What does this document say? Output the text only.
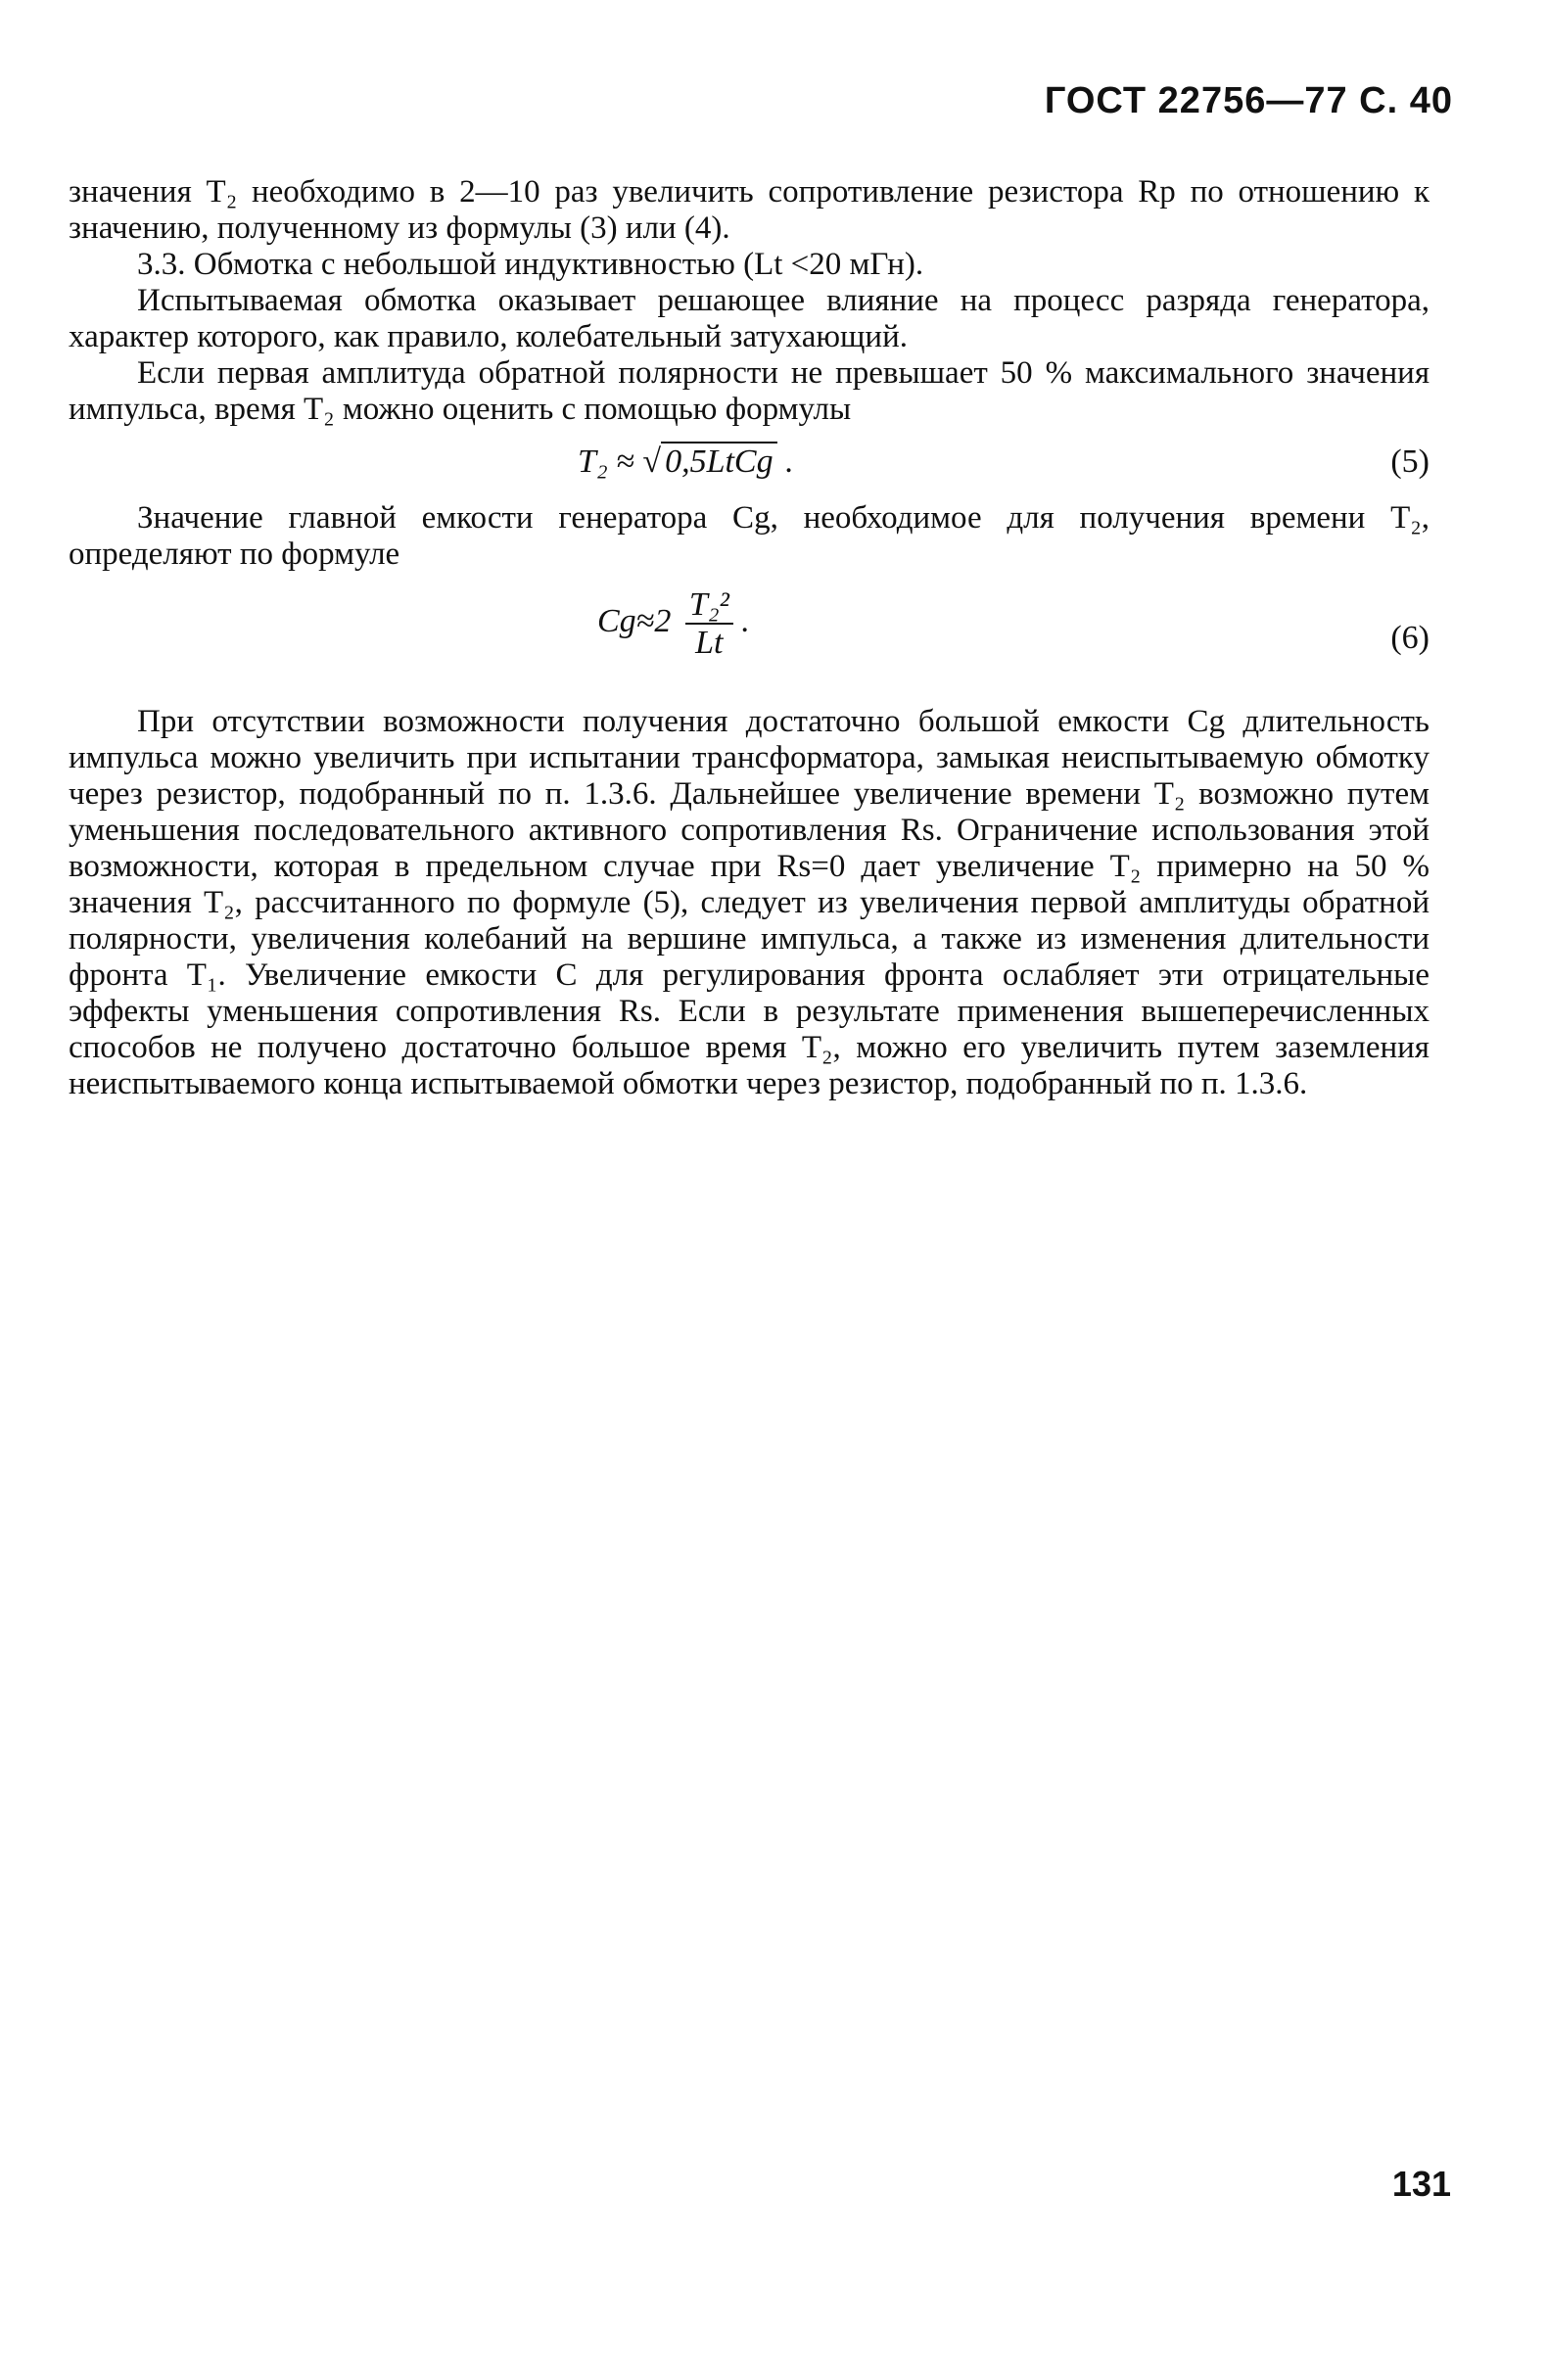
ГОСТ 22756—77 С. 40

значения T₂ необходимо в 2—10 раз увеличить сопротивление резистора Rp по отношению к значению, полученному из формулы (3) или (4).

3.3. Обмотка с небольшой индуктивностью (Lt <20 мГн).

Испытываемая обмотка оказывает решающее влияние на процесс разряда генератора, характер которого, как правило, колебательный затухающий.

Если первая амплитуда обратной полярности не превышает 50 % максимального значения импульса, время T₂ можно оценить с помощью формулы

T₂ ≈ √ 0,5LtCg .	(5)

Значение главной емкости генератора Cg, необходимое для получения времени T₂, определяют по формуле

$Cg\approx 2 \frac{\text{T₂²}}{Lt}$ .	(6)

При отсутствии возможности получения достаточно большой емкости Cg длительность импульса можно увеличить при испытании трансформатора, замыкая неиспытываемую обмотку через резистор, подобранный по п. 1.3.6. Дальнейшее увеличение времени T₂ возможно путем уменьшения последовательного активного сопротивления Rs. Ограничение использования этой возможности, которая в предельном случае при Rs=0 дает увеличение T₂ примерно на 50 % значения T₂, рассчитанного по формуле (5), следует из увеличения первой амплитуды обратной полярности, увеличения колебаний на вершине импульса, а также из изменения длительности фронта T₁. Увеличение емкости C для регулирования фронта ослабляет эти отрицательные эффекты уменьшения сопротивления Rs. Если в результате применения вышеперечисленных способов не получено достаточно большое время T₂, можно его увеличить путем заземления неиспытываемого конца испытываемой обмотки через резистор, подобранный по п. 1.3.6.

131
